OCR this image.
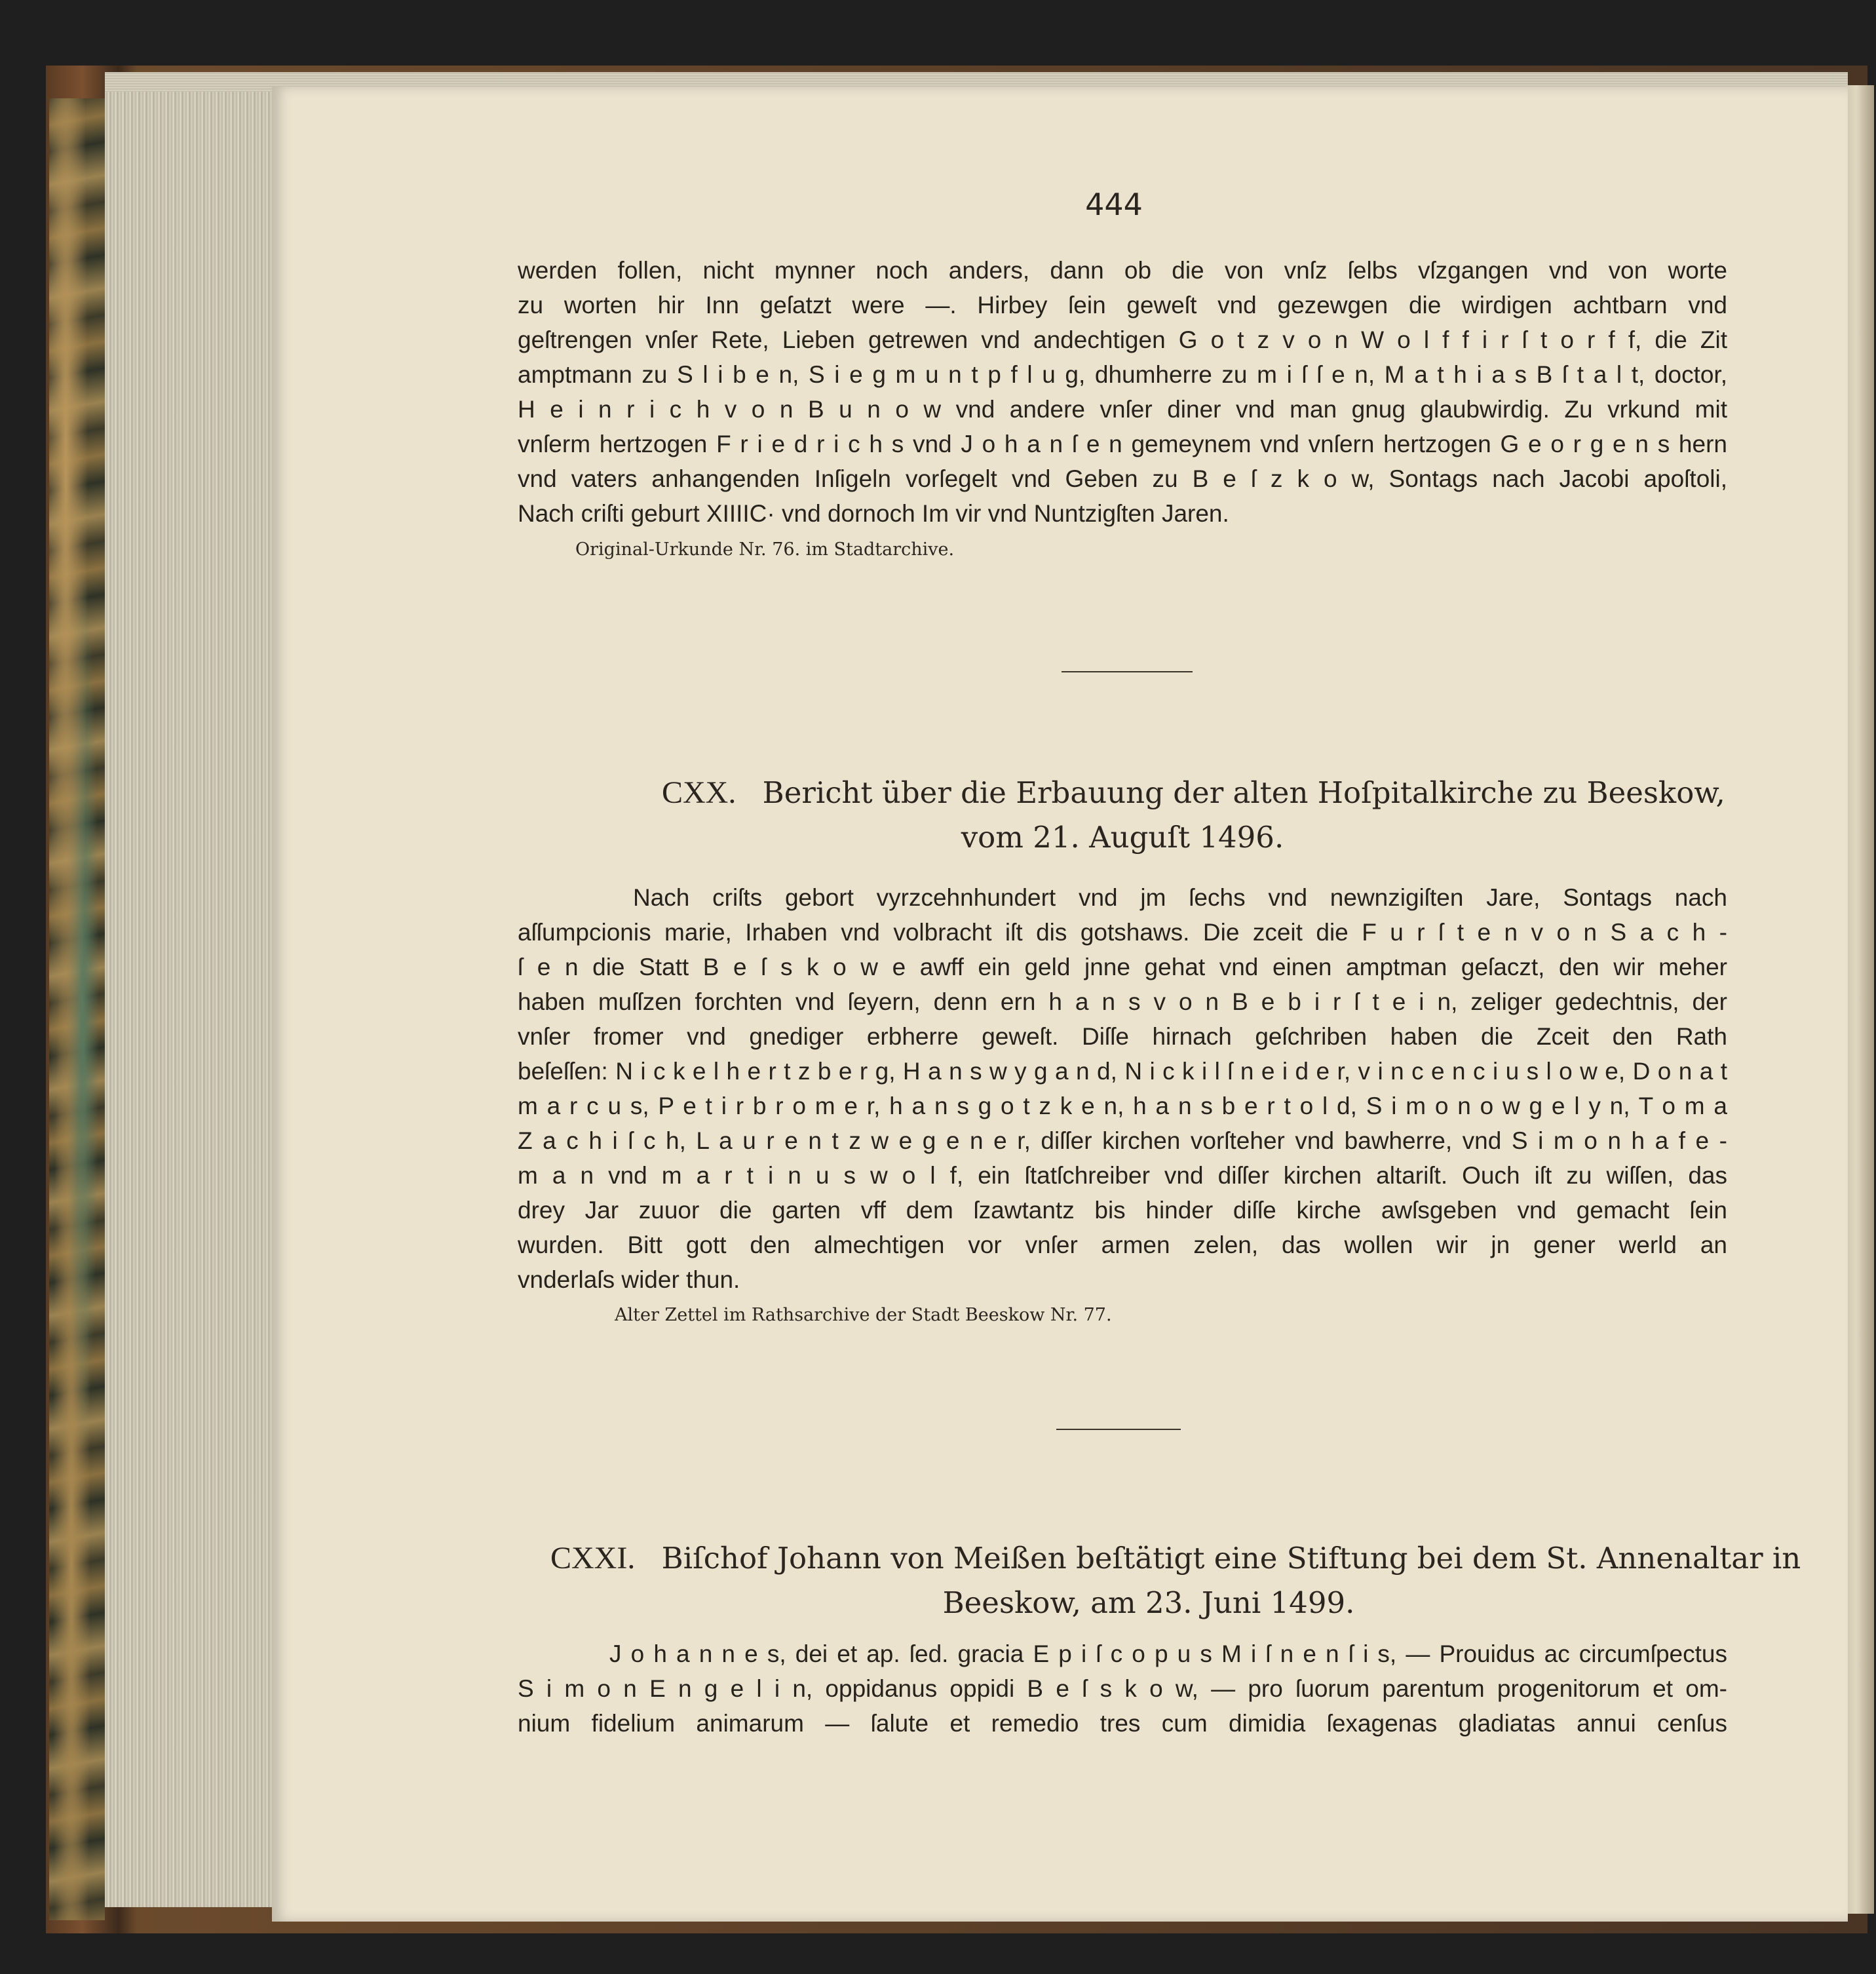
444
werden follen, nicht mynner noch anders, dann ob die von vnſz ſelbs vſzgangen vnd von worte
zu worten hir Inn geſatzt were —. Hirbey ſein geweſt vnd gezewgen die wirdigen achtbarn vnd
geſtrengen vnſer Rete, Lieben getrewen vnd andechtigen G o t z v o n W o l f f i r ſ t o r f f, die Zit
amptmann zu S l i b e n, S i e g m u n t p f l u g, dhumherre zu m i ſ ſ e n, M a t h i a s B ſ t a l t, doctor,
H e i n r i c h v o n B u n o w vnd andere vnſer diner vnd man gnug glaubwirdig. Zu vrkund mit
vnſerm hertzogen F r i e d r i c h s vnd J o h a n ſ e n gemeynem vnd vnſern hertzogen G e o r g e n s hern
vnd vaters anhangenden Inſigeln vorſegelt vnd Geben zu B e ſ z k o w, Sontags nach Jacobi apoſtoli,
Nach criſti geburt XIIIIC· vnd dornoch Im vir vnd Nuntzigſten Jaren.
Original-Urkunde Nr. 76. im Stadtarchive.
CXX. Bericht über die Erbauung der alten Hoſpitalkirche zu Beeskow,
vom 21. Auguſt 1496.
Nach criſts gebort vyrzcehnhundert vnd jm ſechs vnd newnzigiſten Jare, Sontags nach
aſſumpcionis marie, Irhaben vnd volbracht iſt dis gotshaws. Die zceit die F u r ſ t e n v o n S a c h -
ſ e n die Statt B e ſ s k o w e awff ein geld jnne gehat vnd einen amptman geſaczt, den wir meher
haben muſſzen forchten vnd ſeyern, denn ern h a n s v o n B e b i r ſ t e i n, zeliger gedechtnis, der
vnſer fromer vnd gnediger erbherre geweſt. Diſſe hirnach geſchriben haben die Zceit den Rath
beſeſſen: N i c k e l h e r t z b e r g, H a n s w y g a n d, N i c k i l ſ n e i d e r, v i n c e n c i u s l o w e, D o n a t
m a r c u s, P e t i r b r o m e r, h a n s g o t z k e n, h a n s b e r t o l d, S i m o n o w g e l y n, T o m a
Z a c h i ſ c h, L a u r e n t z w e g e n e r, diſſer kirchen vorſteher vnd bawherre, vnd S i m o n h a f e -
m a n vnd m a r t i n u s w o l f, ein ſtatſchreiber vnd diſſer kirchen altariſt. Ouch iſt zu wiſſen, das
drey Jar zuuor die garten vff dem ſzawtantz bis hinder diſſe kirche awſsgeben vnd gemacht ſein
wurden. Bitt gott den almechtigen vor vnſer armen zelen, das wollen wir jn gener werld an
vnderlaſs wider thun.
Alter Zettel im Rathsarchive der Stadt Beeskow Nr. 77.
CXXI. Biſchof Johann von Meißen beſtätigt eine Stiftung bei dem St. Annenaltar in
Beeskow, am 23. Juni 1499.
J o h a n n e s, dei et ap. ſed. gracia E p i ſ c o p u s M i ſ n e n ſ i s, — Prouidus ac circumſpectus
S i m o n E n g e l i n, oppidanus oppidi B e ſ s k o w, — pro ſuorum parentum progenitorum et om-
nium fidelium animarum — ſalute et remedio tres cum dimidia ſexagenas gladiatas annui cenſus
